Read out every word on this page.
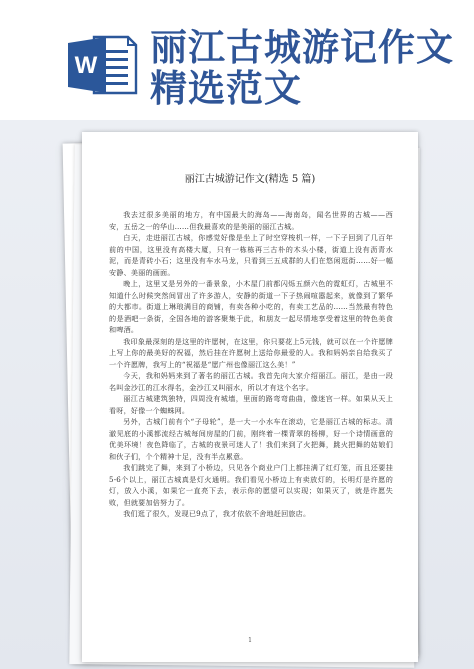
W 丽江古城游记作文
精选范文
丽江古城游记作文(精选 5 篇)

我去过很多美丽的地方，有中国最大的海岛——海南岛，闻名世界的古城——西安，五岳之一的华山……但我最喜欢的是美丽的丽江古城。

白天，走进丽江古城，你感觉好像是坐上了时空穿梭机一样，一下子回到了几百年前的中国，这里没有高楼大厦，只有一栋栋再三古朴的木头小楼，街道上没有沥青水泥，而是青砖小石；这里没有车水马龙，只看到三五成群的人们在悠闲逛街……好一幅安静、美丽的画面。

晚上，这里又是另外的一番景象，小木屋门前都闪烁五颜六色的霓虹灯，古城里不知道什么时候突然间冒出了许多游人，安静的街道一下子热闹喧嚣起来，就像到了繁华的大都市。街道上琳琅满目的商铺，有卖各种小吃的，有卖工艺品的……当然最有特色的是酒吧一条街，全国各地的游客聚集于此，和朋友一起尽情地享受着这里的特色美食和啤酒。

我印象最深刻的是这里的许愿树，在这里，你只要花上5元钱，就可以在一个许愿牌上写上你的最美好的祝福，然后挂在许愿树上送给你最爱的人。我和妈妈亲自给我买了一个许愿牌，我写上的“祝福是“愿广州也像丽江这么美！”

今天，我和妈妈来到了著名的丽江古城。我首先向大家介绍丽江。丽江，是由一段名叫金沙江的江水得名，金沙江又叫丽水，所以才有这个名字。

丽江古城建筑独特，四周没有城墙，里面的路弯弯曲曲，像迷宫一样。如果从天上看呀，好像一个蜘蛛网。

另外，古城门前有个“子母轮”，是一大一小水车在滚动，它是丽江古城的标志。清澈见底的小溪都流经古城每间房屋的门前，刚终着一棵青翠的杨柳，好一个诗情画意的优美环境！夜色降临了，古城的夜景可迷人了！我们来到了火把舞，跳火把舞的姑娘们和伙子们，个个精神十足，没有半点累意。

我们跳完了舞，来到了小桥边，只见各个商业户门上都挂满了红灯笼，而且还要挂5-6个以上，丽江古城真是灯火通明。我们看见小桥边上有卖放灯的，长明灯是许愿的灯，放入小溪，如果它一直亮下去，表示你的愿望可以实现；如果灭了，就是许愿失败，但就要加倍努力了。

我们逛了很久，发现已9点了，我才依依不舍地赶回旅店。

1
